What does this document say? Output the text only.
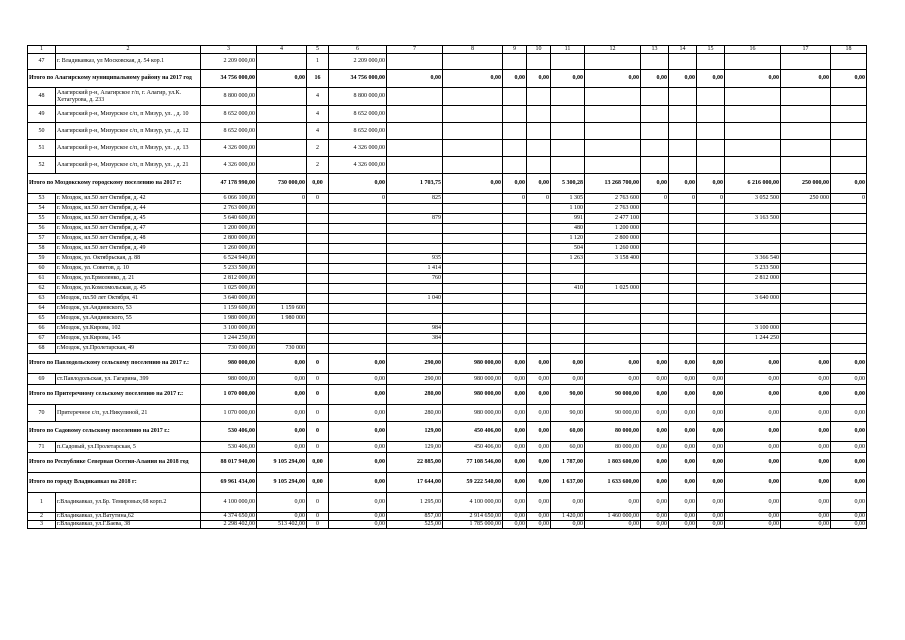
1	2	3	4	5	6	7	8	9	10	11	12	13	14	15	16	17	18
47	г. Владикавказ, ул Московская, д. 54 кор.1	2 209 000,00		1	2 209 000,00												
Итого по Алагирскому муниципальному району на 2017 год		34 756 000,00	0,00	16	34 756 000,00	0,00	0,00	0,00	0,00	0,00	0,00	0,00	0,00	0,00	0,00	0,00	0,00
48	Алагирский р-н, Алагирское г/п, г. Алагир, ул.К. Хетагурова, д. 233	8 800 000,00		4	8 800 000,00												
49	Алагирский р-н, Мизурское с/п, п Мизур, ул. , д. 10	8 652 000,00		4	8 652 000,00												
50	Алагирский р-н, Мизурское с/п, п Мизур, ул. , д. 12	8 652 000,00		4	8 652 000,00												
51	Алагирский р-н, Мизурское с/п, п Мизур, ул. , д. 13	4 326 000,00		2	4 326 000,00												
52	Алагирский р-н, Мизурское с/п, п Мизур, ул. , д. 21	4 326 000,00		2	4 326 000,00												
Итого по Моздокскому городскому поселению на 2017 г:		47 178 990,00	730 000,00	0,00	0,00	1 703,75	0,00	0,00	0,00	5 300,28	13 268 700,00	0,00	0,00	0,00	6 216 000,00	250 000,00	0,00
53	г. Моздок, ил.50 лет Октября, д. 42	6 066 100,00	0	0	0	825		0	0	1 305	2 763 600	0	0	0	3 052 500	250 000	0
54	г. Моздок, ил.50 лет Октября, д. 44	2 763 000,00								1 100	2 763 000						
55	г. Моздок, ил.50 лет Октября, д. 45	5 640 600,00				879				991	2 477 100				3 163 500		
56	г. Моздок, ил.50 лет Октября, д. 47	1 200 000,00								480	1 200 000						
57	г. Моздок, ил.50 лет Октября, д. 48	2 800 000,00								1 120	2 800 000						
58	г. Моздок, ил.50 лет Октября, д. 49	1 260 000,00								504	1 260 000						
59	г. Моздок, ул. Октябрьская, д. 88	6 524 940,00				935				1 263	3 158 400				3 366 540		
60	г. Моздок, ул. Советов, д. 10	5 233 500,00				1 414									5 233 500		
61	г. Моздок, ул.Ермоленко, д. 21	2 812 000,00				760									2 812 000		
62	г. Моздок, ул.Комсомольская, д. 45	1 025 000,00								410	1 025 000						
63	г.Моздок, пл.50 лет Октября, 41	3 640 000,00				1 040									3 640 000		
64	г.Моздок, ул.Андиевского, 53	1 159 600,00	1 159 600														
65	г.Моздок, ул.Андиевского, 55	1 980 000,00	1 980 000														
66	г.Моздок, ул.Кирова, 102	3 100 000,00				984									3 100 000		
67	г.Моздок, ул.Кирова, 145	1 244 250,00				384									1 244 250		
68	г.Моздок, ул.Пролетарская, 49	730 000,00	730 000														
Итого по Павлодольскому сельскому поселению на 2017 г.:		980 000,00	0,00	0	0,00	290,00	980 000,00	0,00	0,00	0,00	0,00	0,00	0,00	0,00	0,00	0,00	0,00
69	ст.Павлодольская, ул. Гагарина, 399	980 000,00	0,00	0	0,00	290,00	980 000,00	0,00	0,00	0,00	0,00	0,00	0,00	0,00	0,00	0,00	0,00
Итого по Притеречному сельскому поселению на 2017 г.:		1 070 000,00	0,00	0	0,00	280,00	980 000,00	0,00	0,00	90,00	90 000,00	0,00	0,00	0,00	0,00	0,00	0,00
70	Притеречное с/п, ул.Никулиной, 21	1 070 000,00	0,00	0	0,00	280,00	980 000,00	0,00	0,00	90,00	90 000,00	0,00	0,00	0,00	0,00	0,00	0,00
Итого по Садовому сельскому поселению на 2017 г.:		530 406,00	0,00	0	0,00	129,00	450 406,00	0,00	0,00	60,00	80 000,00	0,00	0,00	0,00	0,00	0,00	0,00
71	п.Садовый, ул.Пролетарская, 5	530 406,00	0,00	0	0,00	129,00	450 406,00	0,00	0,00	60,00	80 000,00	0,00	0,00	0,00	0,00	0,00	0,00
Итого по Республике Северная Осетия-Алания на 2018 год		88 017 940,00	9 105 294,00	0,00	0,00	22 885,00	77 108 546,00	0,00	0,00	1 787,00	1 803 600,00	0,00	0,00	0,00	0,00	0,00	0,00
Итого по городу Владикавказ на 2018 г:		69 961 434,00	9 105 294,00	0,00	0,00	17 644,00	59 222 540,00	0,00	0,00	1 637,00	1 633 600,00	0,00	0,00	0,00	0,00	0,00	0,00
1	г.Владикавказ, ул.Бр. Темировых,68 корп.2	4 100 000,00	0,00	0	0,00	1 295,00	4 100 000,00	0,00	0,00	0,00	0,00	0,00	0,00	0,00	0,00	0,00	0,00
2	г.Владикавказ, ул.Ватутина,62	4 374 650,00	0,00	0	0,00	857,00	2 914 650,00	0,00	0,00	1 420,00	1 460 000,00	0,00	0,00	0,00	0,00	0,00	0,00
3	г.Владикавказ, ул.Г.Баева, 38	2 298 402,00	513 402,00	0	0,00	525,00	1 785 000,00	0,00	0,00	0,00	0,00	0,00	0,00	0,00	0,00	0,00	0,00
